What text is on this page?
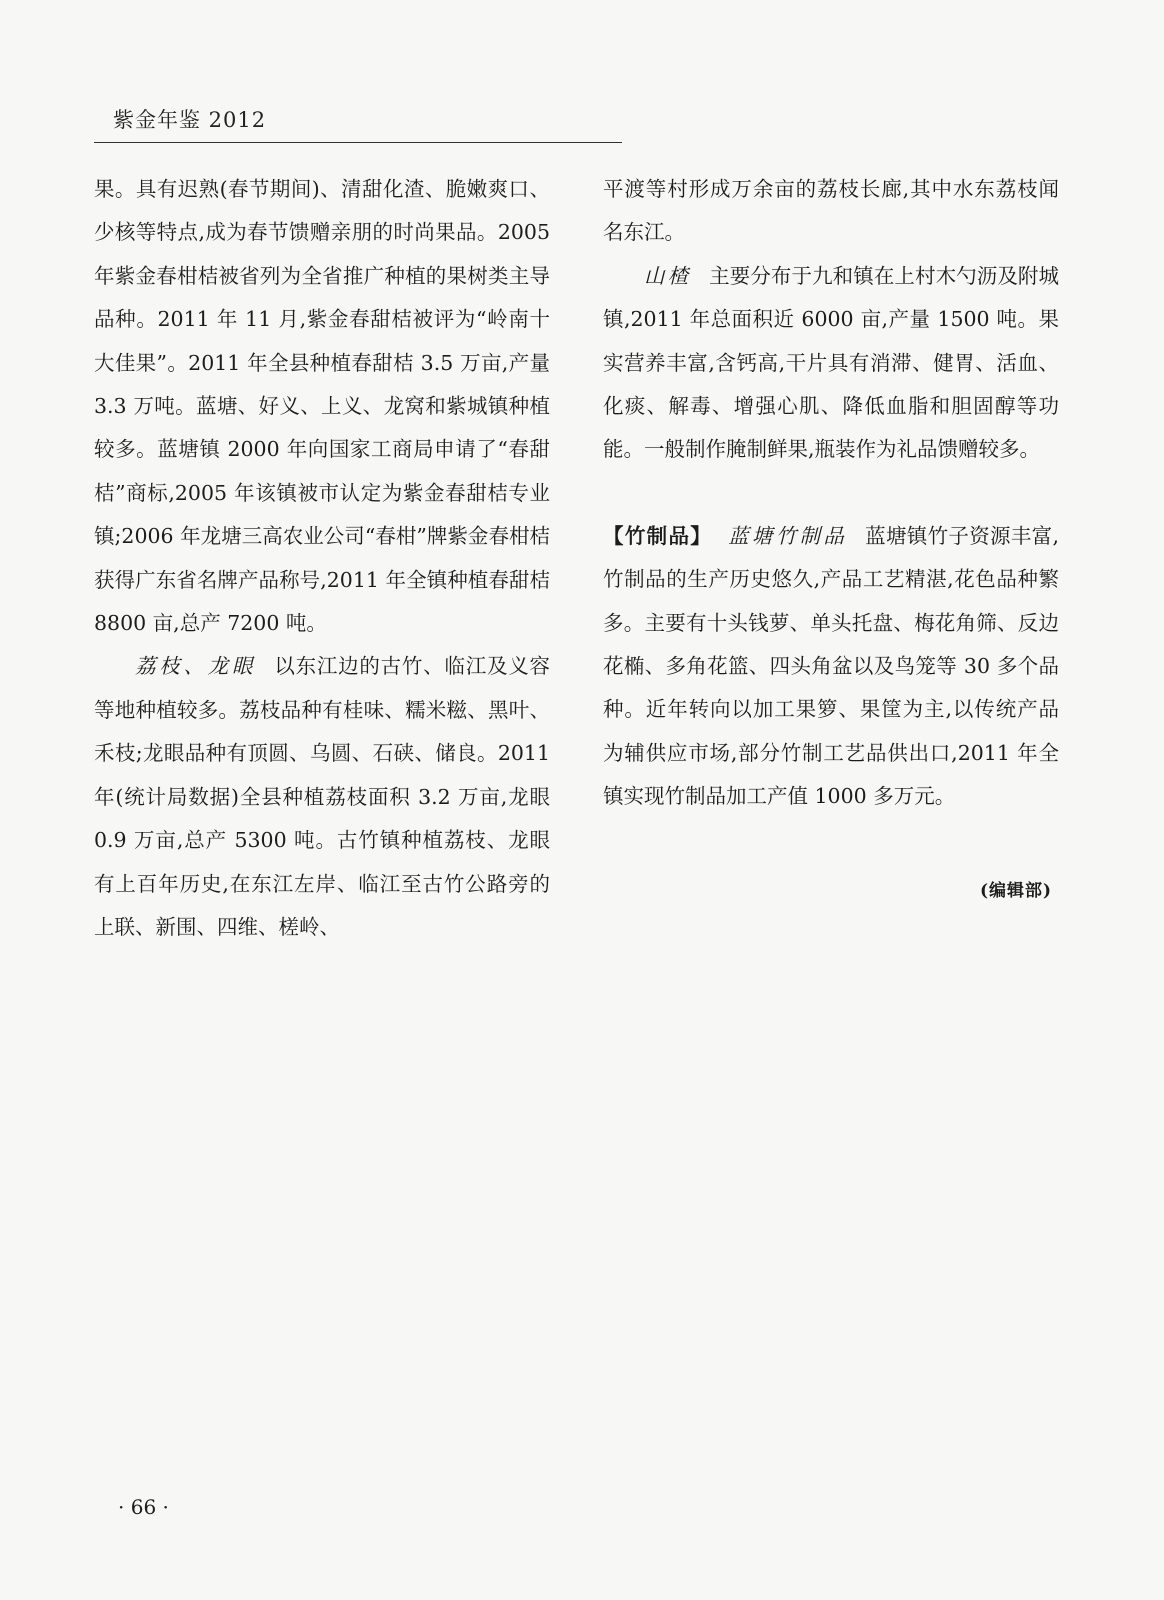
紫金年鉴 2012

果。具有迟熟(春节期间)、清甜化渣、脆嫩爽口、少核等特点,成为春节馈赠亲朋的时尚果品。2005 年紫金春柑桔被省列为全省推广种植的果树类主导品种。2011 年 11 月,紫金春甜桔被评为“岭南十大佳果”。2011 年全县种植春甜桔 3.5 万亩,产量 3.3 万吨。蓝塘、好义、上义、龙窝和紫城镇种植较多。蓝塘镇 2000 年向国家工商局申请了“春甜桔”商标,2005 年该镇被市认定为紫金春甜桔专业镇;2006 年龙塘三高农业公司“春柑”牌紫金春柑桔获得广东省名牌产品称号,2011 年全镇种植春甜桔 8800 亩,总产 7200 吨。

荔枝、龙眼 以东江边的古竹、临江及义容等地种植较多。荔枝品种有桂味、糯米糍、黑叶、禾枝;龙眼品种有顶圆、乌圆、石硖、储良。2011 年(统计局数据)全县种植荔枝面积 3.2 万亩,龙眼 0.9 万亩,总产 5300 吨。古竹镇种植荔枝、龙眼有上百年历史,在东江左岸、临江至古竹公路旁的上联、新围、四维、槎岭、

平渡等村形成万余亩的荔枝长廊,其中水东荔枝闻名东江。

山楂 主要分布于九和镇在上村木勺沥及附城镇,2011 年总面积近 6000 亩,产量 1500 吨。果实营养丰富,含钙高,干片具有消滞、健胃、活血、化痰、解毒、增强心肌、降低血脂和胆固醇等功能。一般制作腌制鲜果,瓶装作为礼品馈赠较多。

【竹制品】 蓝塘竹制品 蓝塘镇竹子资源丰富,竹制品的生产历史悠久,产品工艺精湛,花色品种繁多。主要有十头钱萝、单头托盘、梅花角筛、反边花椭、多角花篮、四头角盆以及鸟笼等 30 多个品种。近年转向以加工果箩、果筐为主,以传统产品为辅供应市场,部分竹制工艺品供出口,2011 年全镇实现竹制品加工产值 1000 多万元。

(编辑部)
· 66 ·
